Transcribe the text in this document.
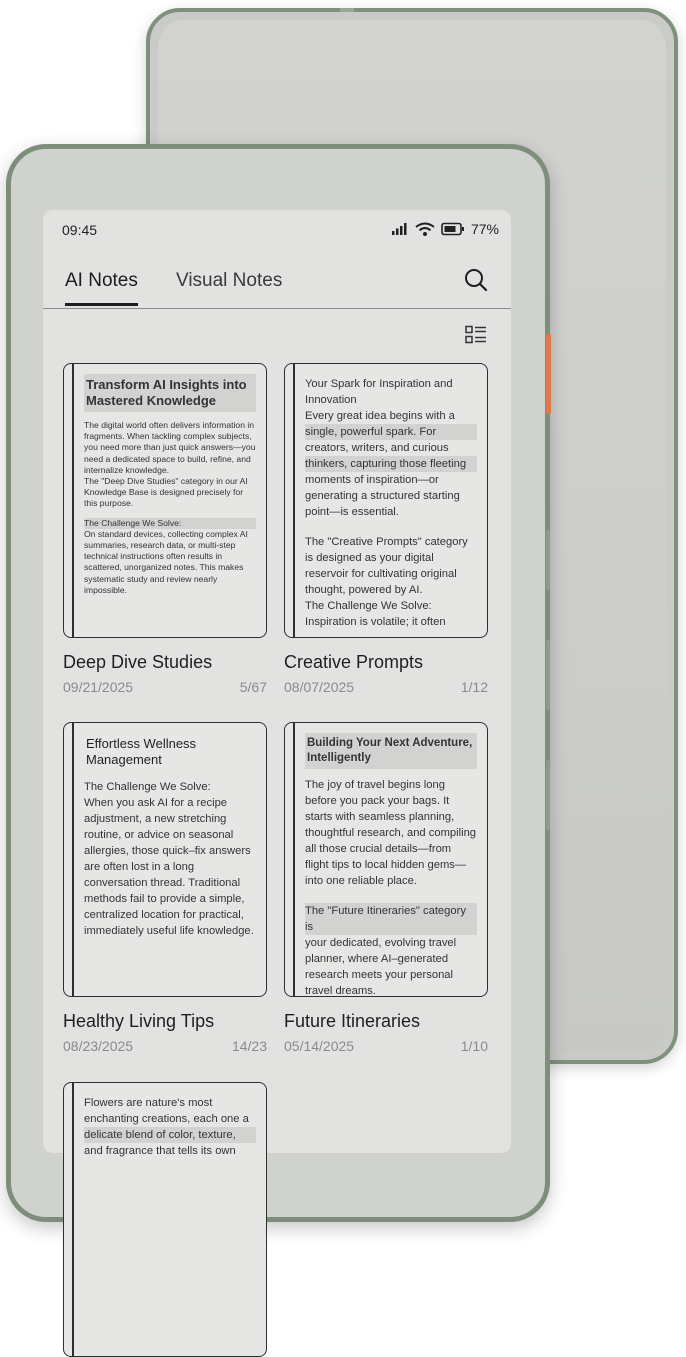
09:45	77%
AI Notes Visual Notes
Transform AI Insights into Mastered Knowledge
The digital world often delivers information in fragments. When tackling complex subjects, you need more than just quick answers—you need a dedicated space to build, refine, and internalize knowledge.
The "Deep Dive Studies" category in our AI Knowledge Base is designed precisely for this purpose.
The Challenge We Solve:
On standard devices, collecting complex AI summaries, research data, or multi-step technical instructions often results in scattered, unorganized notes. This makes systematic study and review nearly impossible.
Deep Dive Studies
09/21/2025	5/67
Your Spark for Inspiration and Innovation
Every great idea begins with a
single, powerful spark. For
creators, writers, and curious
thinkers, capturing those fleeting
moments of inspiration—or generating a structured starting point—is essential.
The "Creative Prompts" category is designed as your digital reservoir for cultivating original thought, powered by AI.
The Challenge We Solve:
Inspiration is volatile; it often
Creative Prompts
08/07/2025	1/12
Effortless Wellness Management
The Challenge We Solve:
When you ask AI for a recipe adjustment, a new stretching routine, or advice on seasonal allergies, those quick–fix answers are often lost in a long conversation thread. Traditional methods fail to provide a simple, centralized location for practical, immediately useful life knowledge.
Healthy Living Tips
08/23/2025	14/23
Building Your Next Adventure, Intelligently
The joy of travel begins long before you pack your bags. It starts with seamless planning, thoughtful research, and compiling all those crucial details—from flight tips to local hidden gems—into one reliable place.
The "Future Itineraries" category is
your dedicated, evolving travel planner, where AI–generated research meets your personal travel dreams.
Future Itineraries
05/14/2025	1/10
Flowers are nature's most enchanting creations, each one a
delicate blend of color, texture,
and fragrance that tells its own
